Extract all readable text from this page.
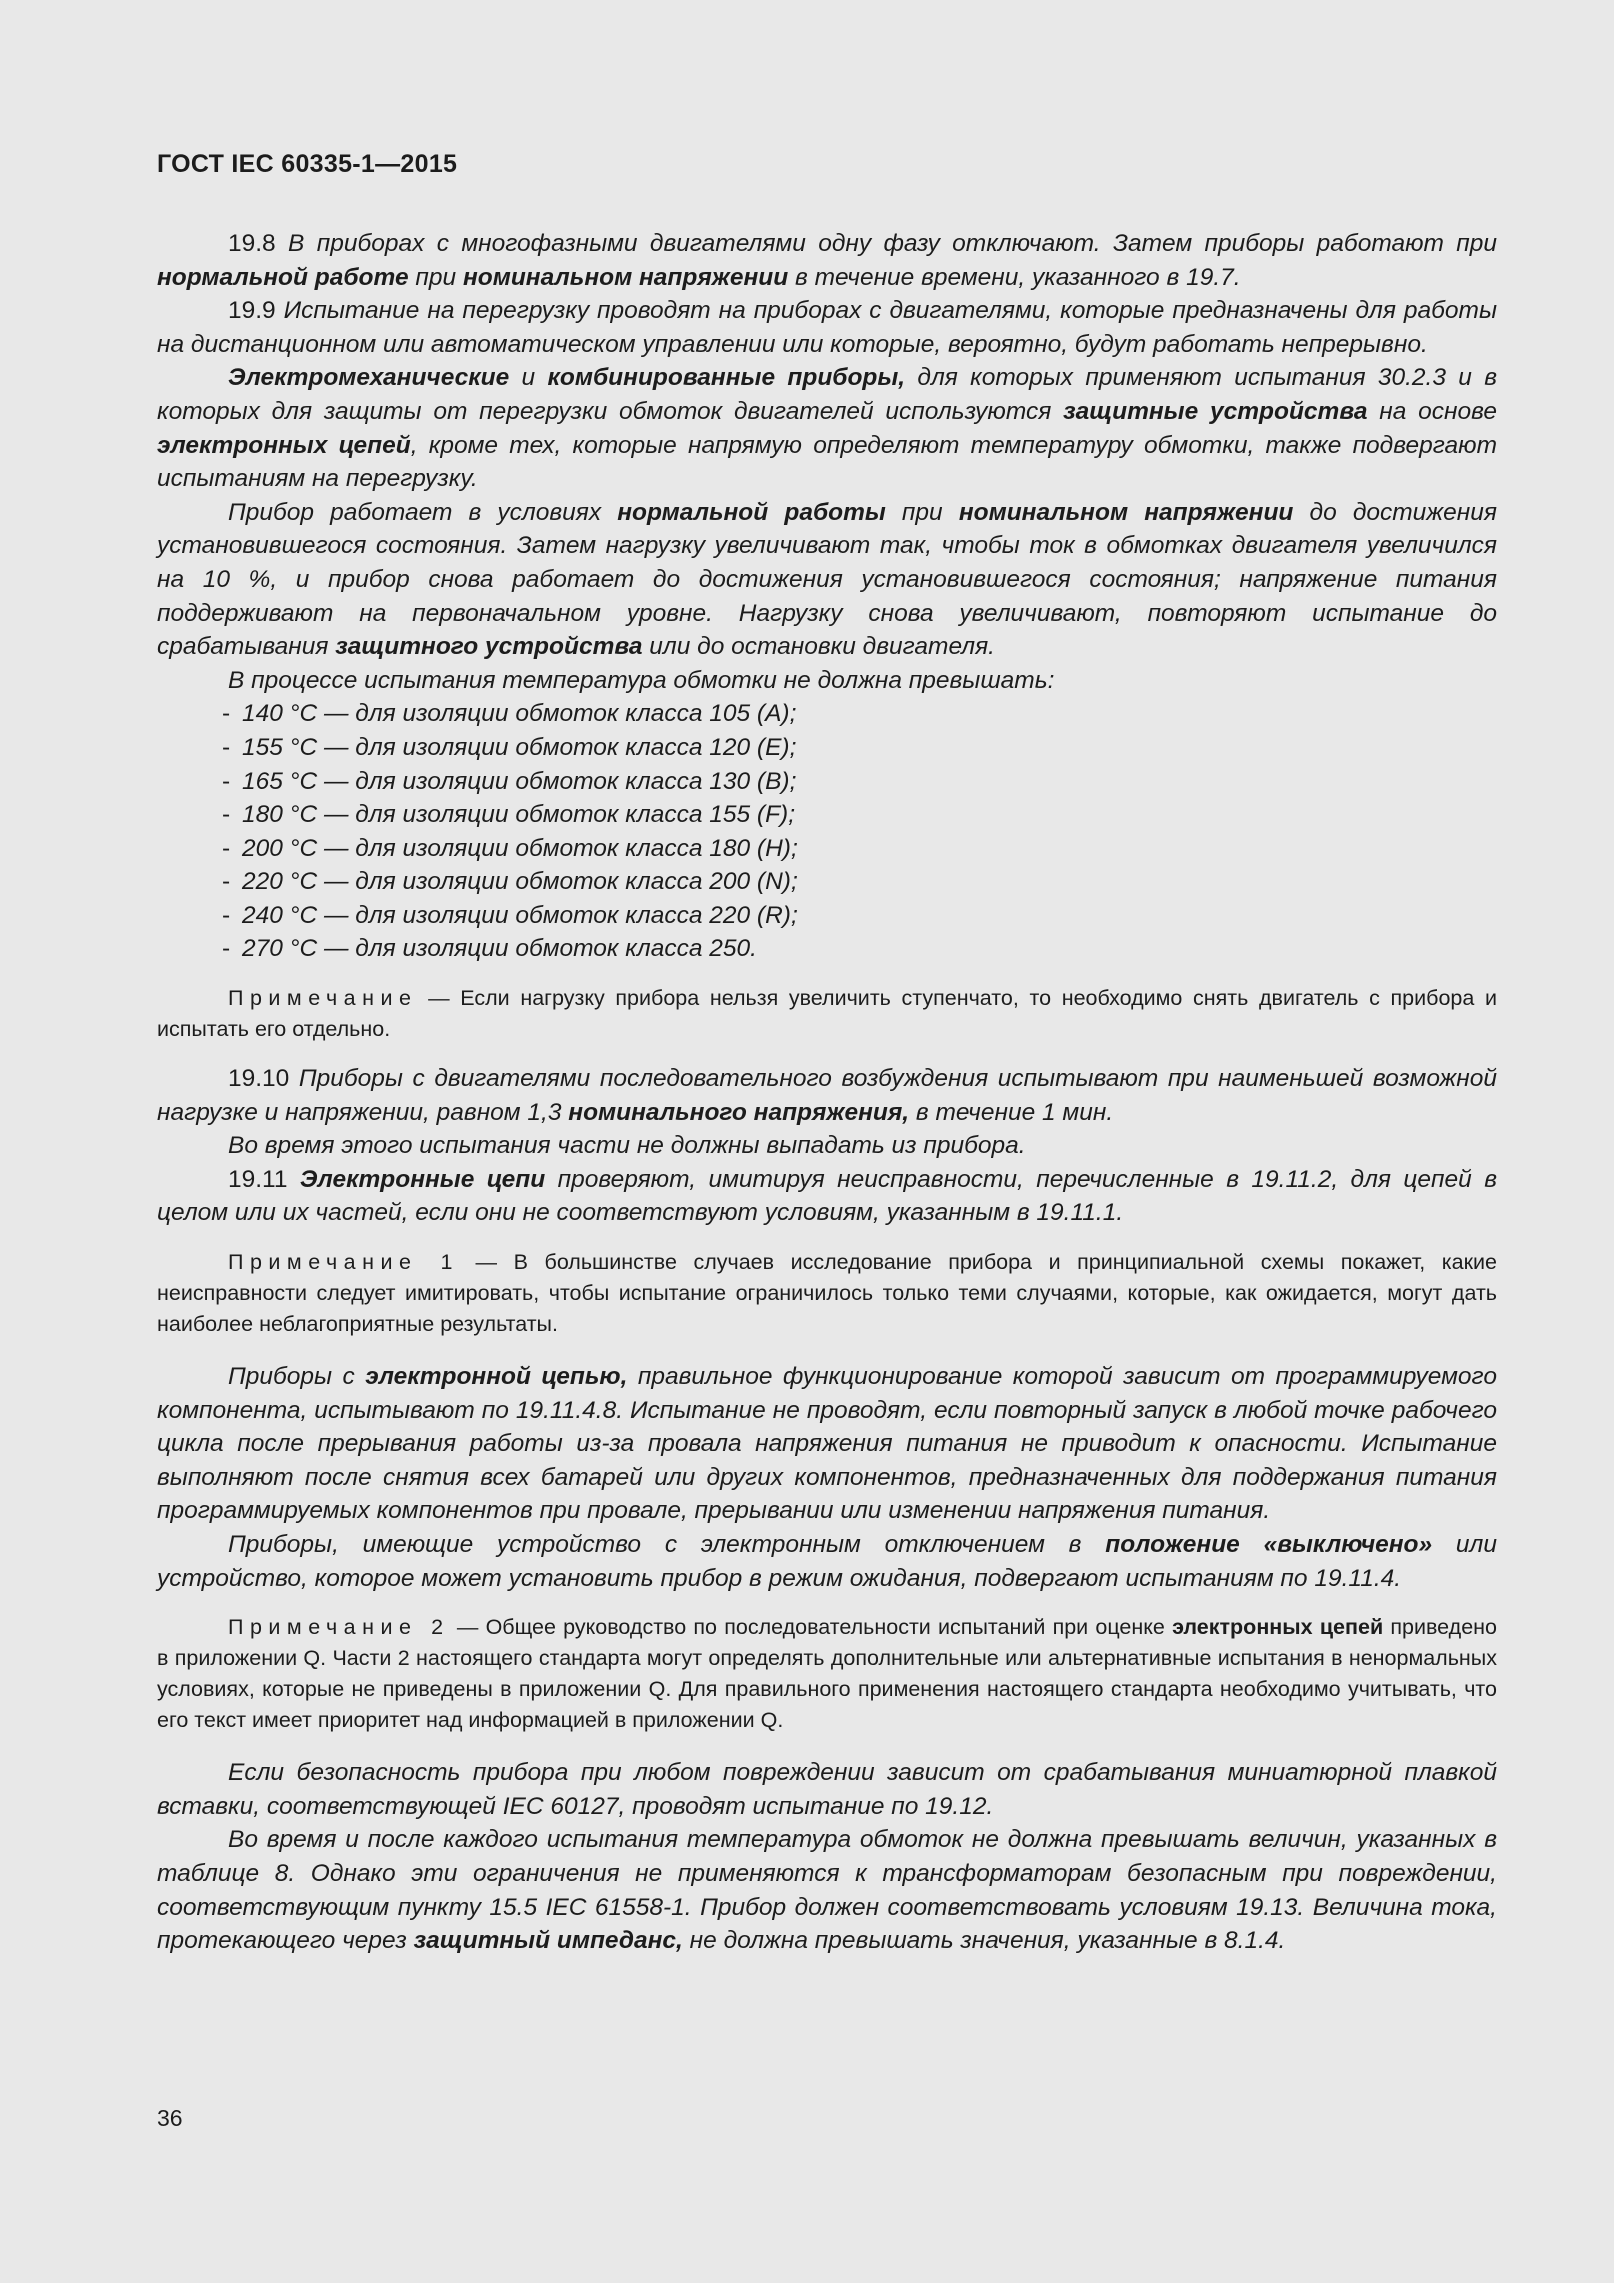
ГОСТ IEC 60335-1—2015

19.8 В приборах с многофазными двигателями одну фазу отключают. Затем приборы работают при нормальной работе при номинальном напряжении в течение времени, указанного в 19.7.

19.9 Испытание на перегрузку проводят на приборах с двигателями, которые предназначены для работы на дистанционном или автоматическом управлении или которые, вероятно, будут работать непрерывно.

Электромеханические и комбинированные приборы, для которых применяют испытания 30.2.3 и в которых для защиты от перегрузки обмоток двигателей используются защитные устройства на основе электронных цепей, кроме тех, которые напрямую определяют температуру обмотки, также подвергают испытаниям на перегрузку.

Прибор работает в условиях нормальной работы при номинальном напряжении до достижения установившегося состояния. Затем нагрузку увеличивают так, чтобы ток в обмотках двигателя увеличился на 10 %, и прибор снова работает до достижения установившегося состояния; напряжение питания поддерживают на первоначальном уровне. Нагрузку снова увеличивают, повторяют испытание до срабатывания защитного устройства или до остановки двигателя.

В процессе испытания температура обмотки не должна превышать:

- 140 °C — для изоляции обмоток класса 105 (А);
- 155 °C — для изоляции обмоток класса 120 (Е);
- 165 °C — для изоляции обмоток класса 130 (В);
- 180 °C — для изоляции обмоток класса 155 (F);
- 200 °C — для изоляции обмоток класса 180 (Н);
- 220 °C — для изоляции обмоток класса 200 (N);
- 240 °C — для изоляции обмоток класса 220 (R);
- 270 °C — для изоляции обмоток класса 250.

Примечание — Если нагрузку прибора нельзя увеличить ступенчато, то необходимо снять двигатель с прибора и испытать его отдельно.

19.10 Приборы с двигателями последовательного возбуждения испытывают при наименьшей возможной нагрузке и напряжении, равном 1,3 номинального напряжения, в течение 1 мин.

Во время этого испытания части не должны выпадать из прибора.

19.11 Электронные цепи проверяют, имитируя неисправности, перечисленные в 19.11.2, для цепей в целом или их частей, если они не соответствуют условиям, указанным в 19.11.1.

Примечание 1 — В большинстве случаев исследование прибора и принципиальной схемы покажет, какие неисправности следует имитировать, чтобы испытание ограничилось только теми случаями, которые, как ожидается, могут дать наиболее неблагоприятные результаты.

Приборы с электронной цепью, правильное функционирование которой зависит от программируемого компонента, испытывают по 19.11.4.8. Испытание не проводят, если повторный запуск в любой точке рабочего цикла после прерывания работы из-за провала напряжения питания не приводит к опасности. Испытание выполняют после снятия всех батарей или других компонентов, предназначенных для поддержания питания программируемых компонентов при провале, прерывании или изменении напряжения питания.

Приборы, имеющие устройство с электронным отключением в положение «выключено» или устройство, которое может установить прибор в режим ожидания, подвергают испытаниям по 19.11.4.

Примечание 2 — Общее руководство по последовательности испытаний при оценке электронных цепей приведено в приложении Q. Части 2 настоящего стандарта могут определять дополнительные или альтернативные испытания в ненормальных условиях, которые не приведены в приложении Q. Для правильного применения настоящего стандарта необходимо учитывать, что его текст имеет приоритет над информацией в приложении Q.

Если безопасность прибора при любом повреждении зависит от срабатывания миниатюрной плавкой вставки, соответствующей IEC 60127, проводят испытание по 19.12.

Во время и после каждого испытания температура обмоток не должна превышать величин, указанных в таблице 8. Однако эти ограничения не применяются к трансформаторам безопасным при повреждении, соответствующим пункту 15.5 IEC 61558-1. Прибор должен соответствовать условиям 19.13. Величина тока, протекающего через защитный импеданс, не должна превышать значения, указанные в 8.1.4.

36
